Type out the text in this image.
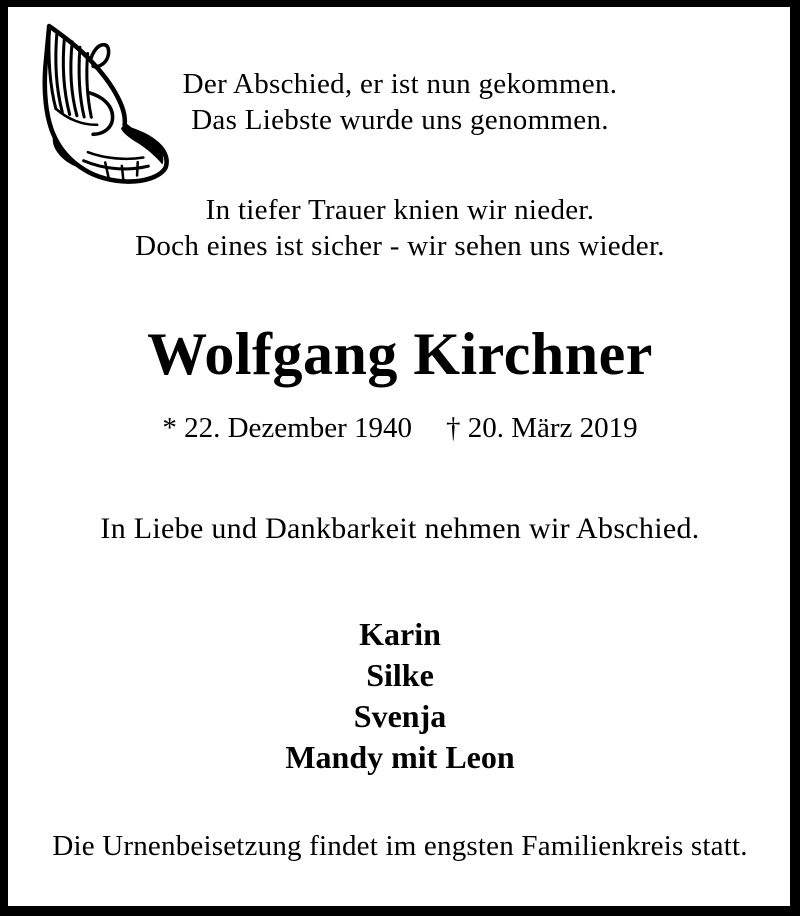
Der Abschied, er ist nun gekommen.
Das Liebste wurde uns genommen.
In tiefer Trauer knien wir nieder.
Doch eines ist sicher - wir sehen uns wieder.
Wolfgang Kirchner
* 22. Dezember 1940 † 20. März 2019
In Liebe und Dankbarkeit nehmen wir Abschied.
Karin
Silke
Svenja
Mandy mit Leon
Die Urnenbeisetzung findet im engsten Familienkreis statt.
